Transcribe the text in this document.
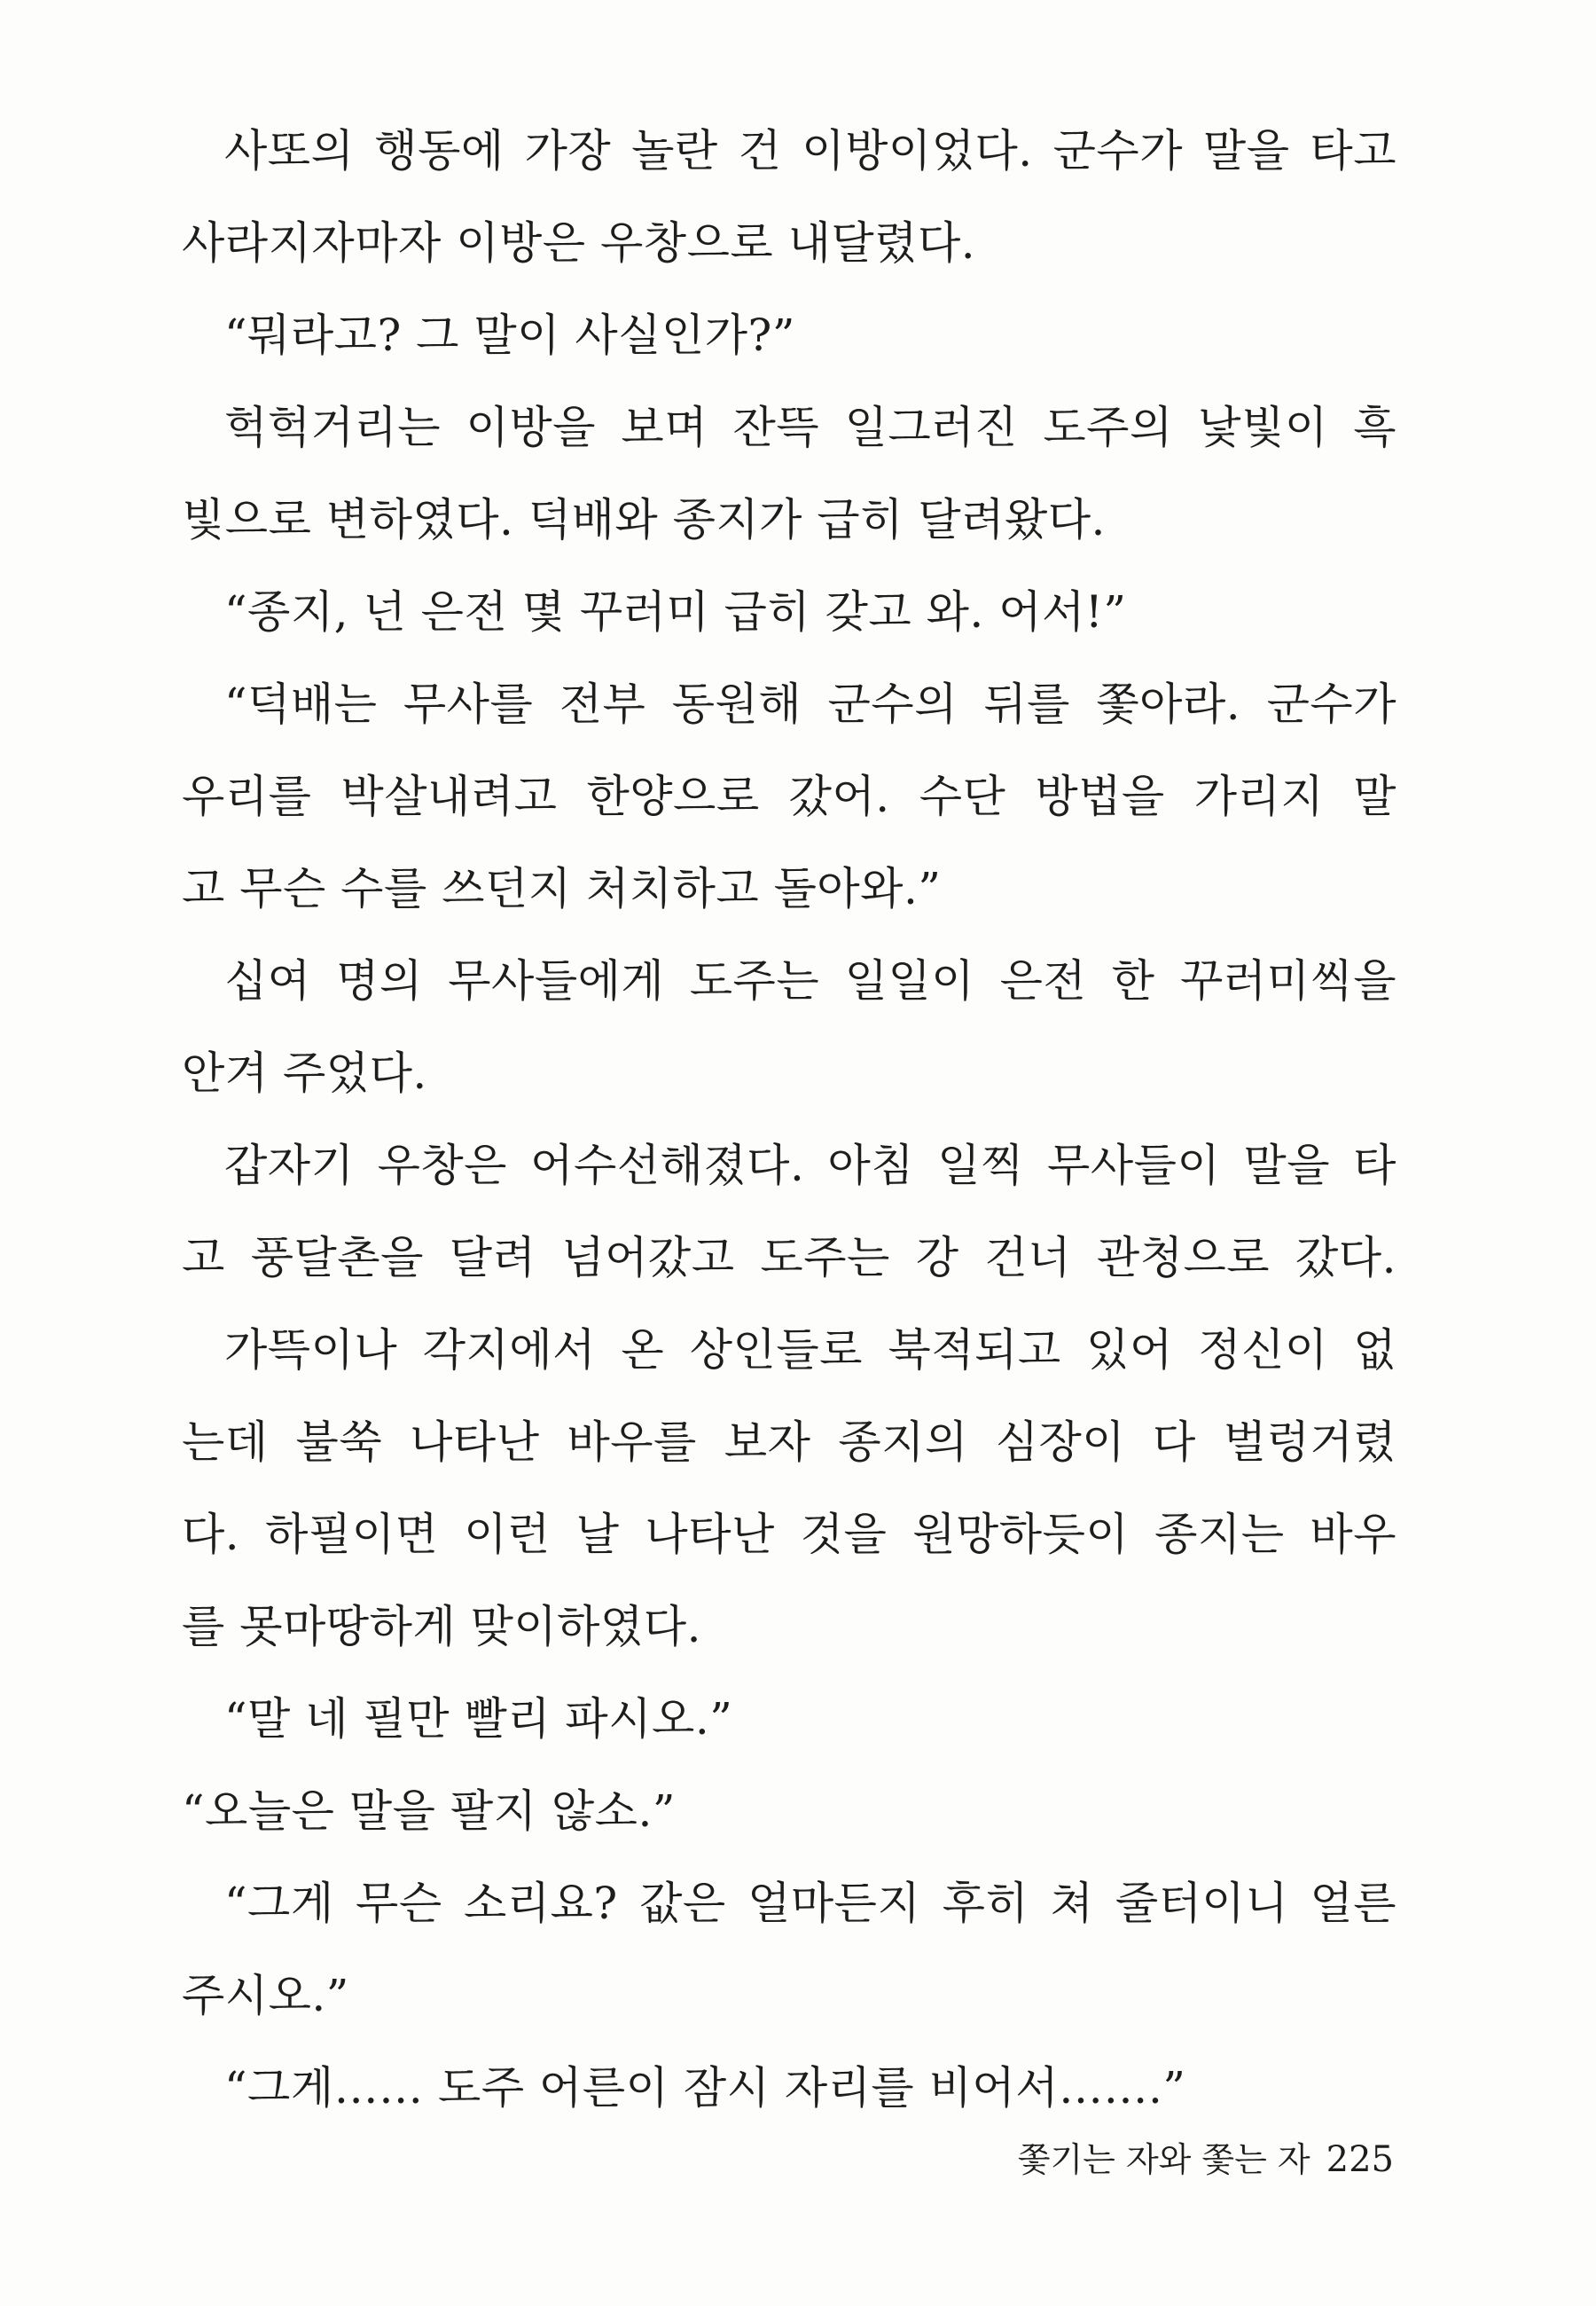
사또의 행동에 가장 놀란 건 이방이었다. 군수가 말을 타고
사라지자마자 이방은 우창으로 내달렸다.
“뭐라고? 그 말이 사실인가?”
헉헉거리는 이방을 보며 잔뜩 일그러진 도주의 낯빛이 흑
빛으로 변하였다. 덕배와 종지가 급히 달려왔다.
“종지, 넌 은전 몇 꾸러미 급히 갖고 와. 어서!”
“덕배는 무사를 전부 동원해 군수의 뒤를 쫓아라. 군수가
우리를 박살내려고 한양으로 갔어. 수단 방법을 가리지 말
고 무슨 수를 쓰던지 처치하고 돌아와.”
십여 명의 무사들에게 도주는 일일이 은전 한 꾸러미씩을
안겨 주었다.
갑자기 우창은 어수선해졌다. 아침 일찍 무사들이 말을 타
고 풍달촌을 달려 넘어갔고 도주는 강 건너 관청으로 갔다.
가뜩이나 각지에서 온 상인들로 북적되고 있어 정신이 없
는데 불쑥 나타난 바우를 보자 종지의 심장이 다 벌렁거렸
다. 하필이면 이런 날 나타난 것을 원망하듯이 종지는 바우
를 못마땅하게 맞이하였다.
“말 네 필만 빨리 파시오.”
“오늘은 말을 팔지 않소.”
“그게 무슨 소리요? 값은 얼마든지 후히 쳐 줄터이니 얼른
주시오.”
“그게…… 도주 어른이 잠시 자리를 비어서…….”
쫓기는 자와 쫓는 자 225
